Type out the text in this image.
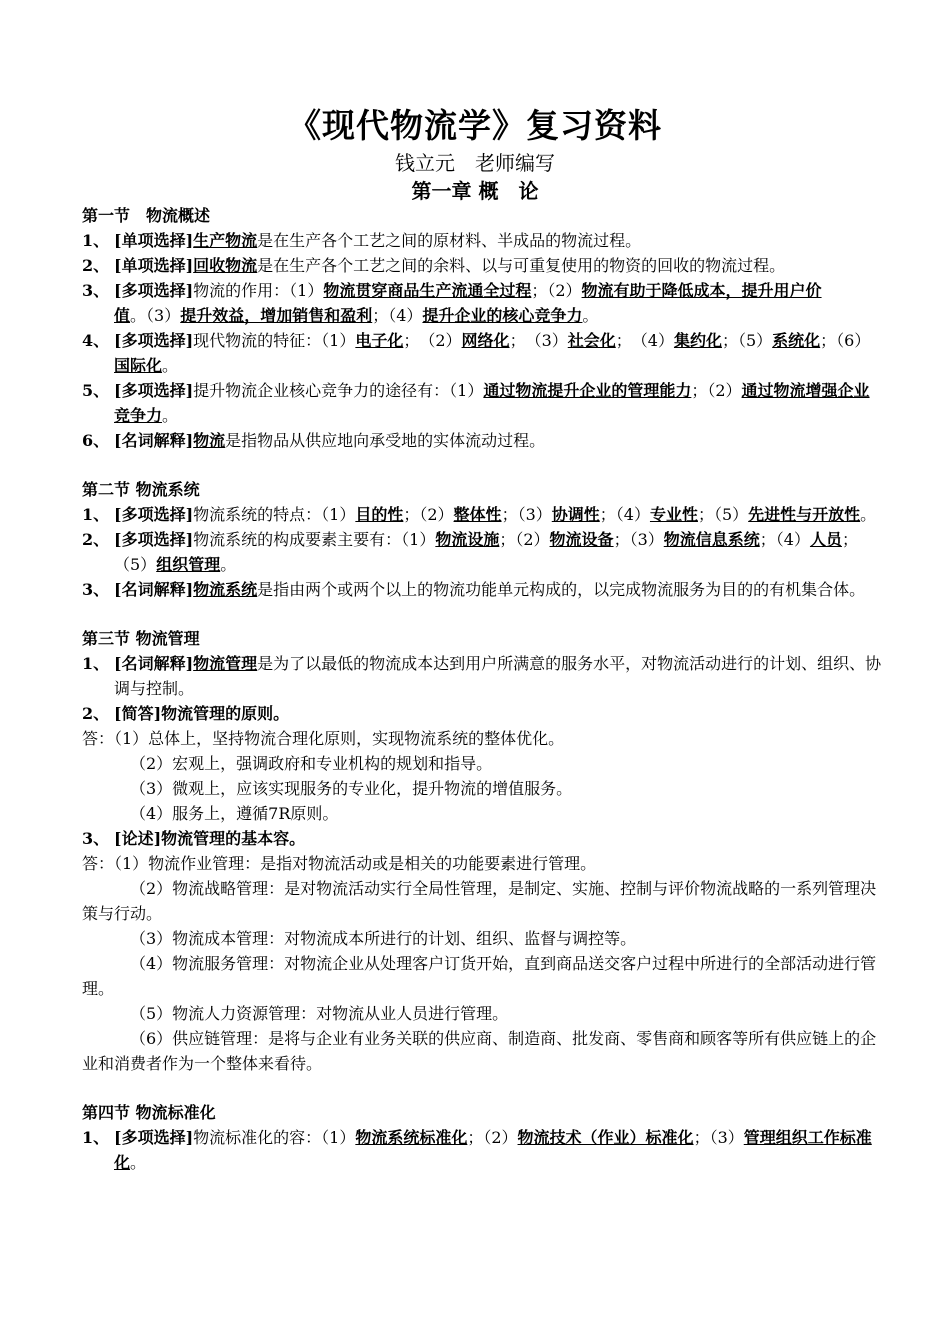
《现代物流学》复习资料
钱立元　老师编写
第一章 概　论
第一节　物流概述
1、 [单项选择]生产物流是在生产各个工艺之间的原材料、半成品的物流过程。
2、 [单项选择]回收物流是在生产各个工艺之间的余料、以与可重复使用的物资的回收的物流过程。
3、 [多项选择]物流的作用：（1）物流贯穿商品生产流通全过程；（2）物流有助于降低成本，提升用户价值。（3）提升效益，增加销售和盈利；（4）提升企业的核心竞争力。
4、 [多项选择]现代物流的特征：（1）电子化；　（2）网络化；　（3）社会化；　（4）集约化；（5）系统化；（6）国际化。
5、 [多项选择]提升物流企业核心竞争力的途径有：（1）通过物流提升企业的管理能力；（2）通过物流增强企业竞争力。
6、 [名词解释]物流是指物品从供应地向承受地的实体流动过程。
第二节 物流系统
1、 [多项选择]物流系统的特点：（1）目的性；（2）整体性；（3）协调性；（4）专业性；（5）先进性与开放性。
2、 [多项选择]物流系统的构成要素主要有：（1）物流设施；（2）物流设备；（3）物流信息系统；（4）人员；（5）组织管理。
3、 [名词解释]物流系统是指由两个或两个以上的物流功能单元构成的，以完成物流服务为目的的有机集合体。
第三节 物流管理
1、 [名词解释]物流管理是为了以最低的物流成本达到用户所满意的服务水平，对物流活动进行的计划、组织、协调与控制。
2、 [简答]物流管理的原则。
答：（1）总体上，坚持物流合理化原则，实现物流系统的整体优化。
（2）宏观上，强调政府和专业机构的规划和指导。
（3）微观上，应该实现服务的专业化，提升物流的增值服务。
（4）服务上，遵循7R原则。
3、 [论述]物流管理的基本容。
答：（1）物流作业管理：是指对物流活动或是相关的功能要素进行管理。
（2）物流战略管理：是对物流活动实行全局性管理，是制定、实施、控制与评价物流战略的一系列管理决策与行动。
（3）物流成本管理：对物流成本所进行的计划、组织、监督与调控等。
（4）物流服务管理：对物流企业从处理客户订货开始，直到商品送交客户过程中所进行的全部活动进行管理。
（5）物流人力资源管理：对物流从业人员进行管理。
（6）供应链管理：是将与企业有业务关联的供应商、制造商、批发商、零售商和顾客等所有供应链上的企业和消费者作为一个整体来看待。
第四节 物流标准化
1、 [多项选择]物流标准化的容：（1）物流系统标准化；（2）物流技术（作业）标准化；（3）管理组织工作标准化。
